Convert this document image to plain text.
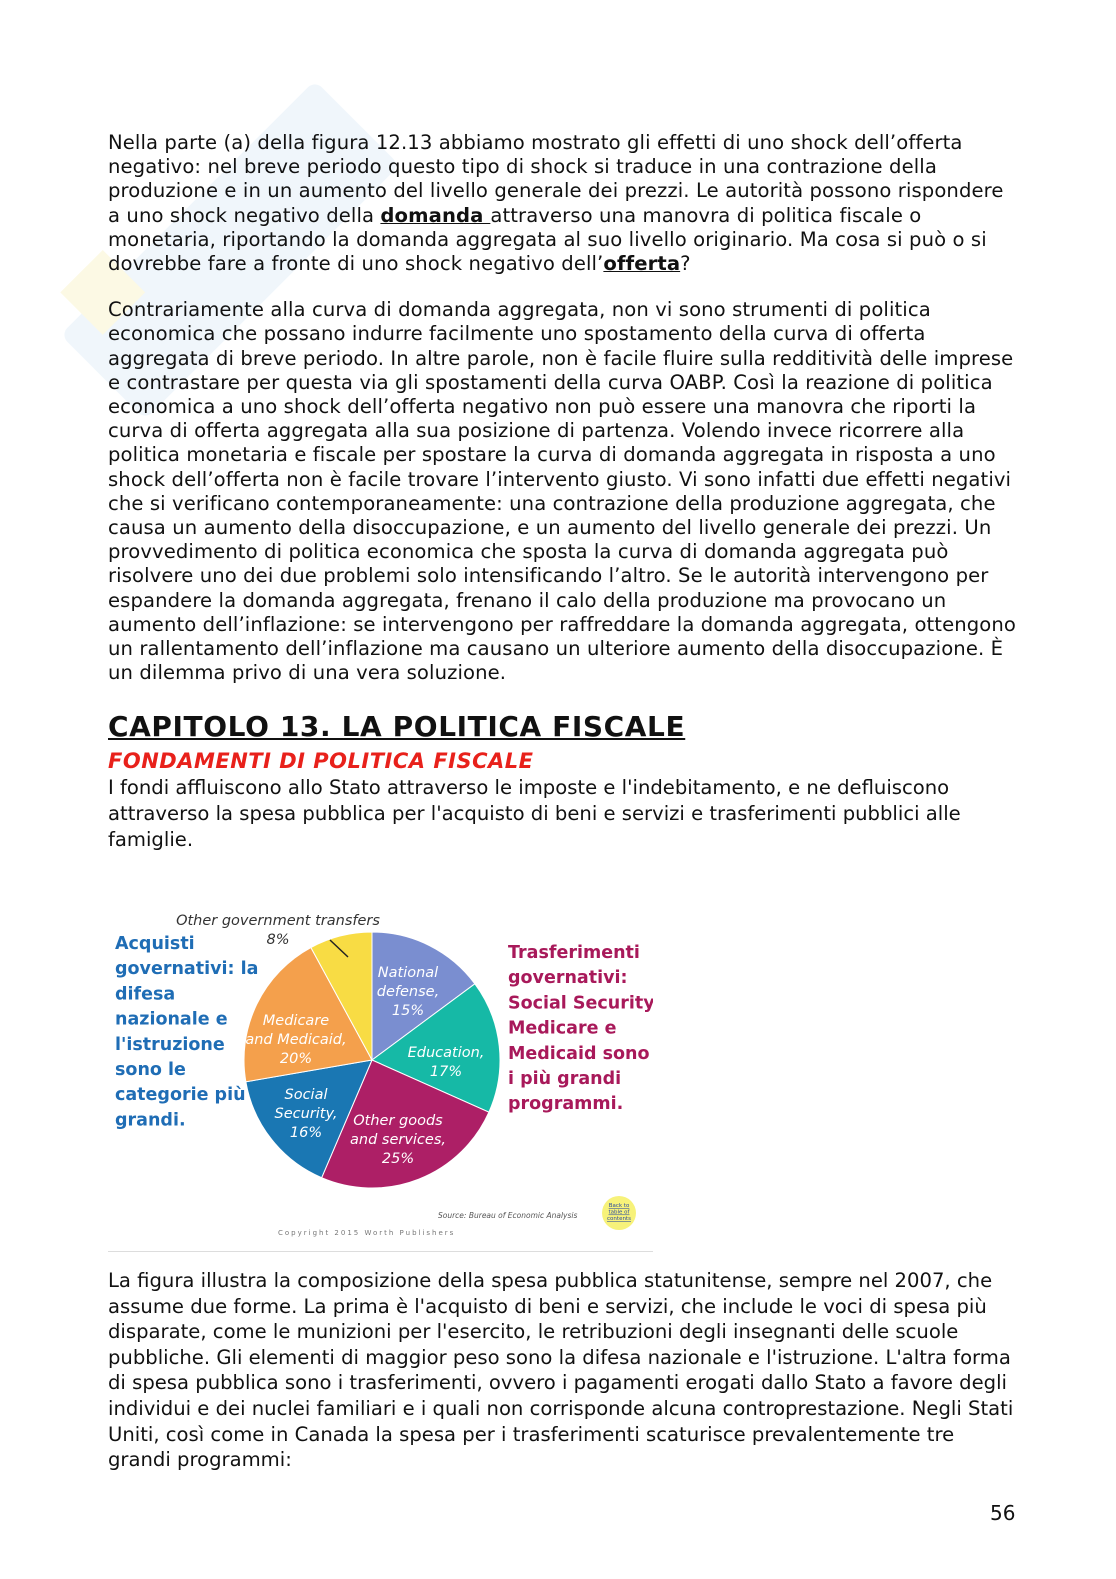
Nella parte (a) della figura 12.13 abbiamo mostrato gli effetti di uno shock dell’offerta negativo: nel breve periodo questo tipo di shock si traduce in una contrazione della produzione e in un aumento del livello generale dei prezzi. Le autorità possono rispondere a uno shock negativo della domanda attraverso una manovra di politica fiscale o monetaria, riportando la domanda aggregata al suo livello originario. Ma cosa si può o si dovrebbe fare a fronte di uno shock negativo dell’offerta?

Contrariamente alla curva di domanda aggregata, non vi sono strumenti di politica economica che possano indurre facilmente uno spostamento della curva di offerta aggregata di breve periodo. In altre parole, non è facile fluire sulla redditività delle imprese e contrastare per questa via gli spostamenti della curva OABP. Così la reazione di politica economica a uno shock dell’offerta negativo non può essere una manovra che riporti la curva di offerta aggregata alla sua posizione di partenza. Volendo invece ricorrere alla politica monetaria e fiscale per spostare la curva di domanda aggregata in risposta a uno shock dell’offerta non è facile trovare l’intervento giusto. Vi sono infatti due effetti negativi che si verificano contemporaneamente: una contrazione della produzione aggregata, che causa un aumento della disoccupazione, e un aumento del livello generale dei prezzi. Un provvedimento di politica economica che sposta la curva di domanda aggregata può risolvere uno dei due problemi solo intensificando l’altro. Se le autorità intervengono per espandere la domanda aggregata, frenano il calo della produzione ma provocano un aumento dell’inflazione: se intervengono per raffreddare la domanda aggregata, ottengono un rallentamento dell’inflazione ma causano un ulteriore aumento della disoccupazione. È un dilemma privo di una vera soluzione.

CAPITOLO 13. LA POLITICA FISCALE
FONDAMENTI DI POLITICA FISCALE

I fondi affluiscono allo Stato attraverso le imposte e l'indebitamento, e ne defluiscono attraverso la spesa pubblica per l'acquisto di beni e servizi e trasferimenti pubblici alle famiglie.

National defense, 15%
Education, 17%
Other goods and services, 25%
Social Security, 16%
Medicare and Medicaid, 20%
Other government transfers 8%
Acquisti
governativi: la
difesa
nazionale e
l'istruzione
sono le
categorie più
grandi.
Trasferimenti
governativi:
Social Security,
Medicare e
Medicaid sono
i più grandi
programmi.
Source: Bureau of Economic Analysis
Copyright 2015 Worth Publishers
Back to
table of
contents

La figura illustra la composizione della spesa pubblica statunitense, sempre nel 2007, che assume due forme. La prima è l'acquisto di beni e servizi, che include le voci di spesa più disparate, come le munizioni per l'esercito, le retribuzioni degli insegnanti delle scuole pubbliche. Gli elementi di maggior peso sono la difesa nazionale e l'istruzione. L'altra forma di spesa pubblica sono i trasferimenti, ovvero i pagamenti erogati dallo Stato a favore degli individui e dei nuclei familiari e i quali non corrisponde alcuna controprestazione. Negli Stati Uniti, così come in Canada la spesa per i trasferimenti scaturisce prevalentemente tre grandi programmi:

56
